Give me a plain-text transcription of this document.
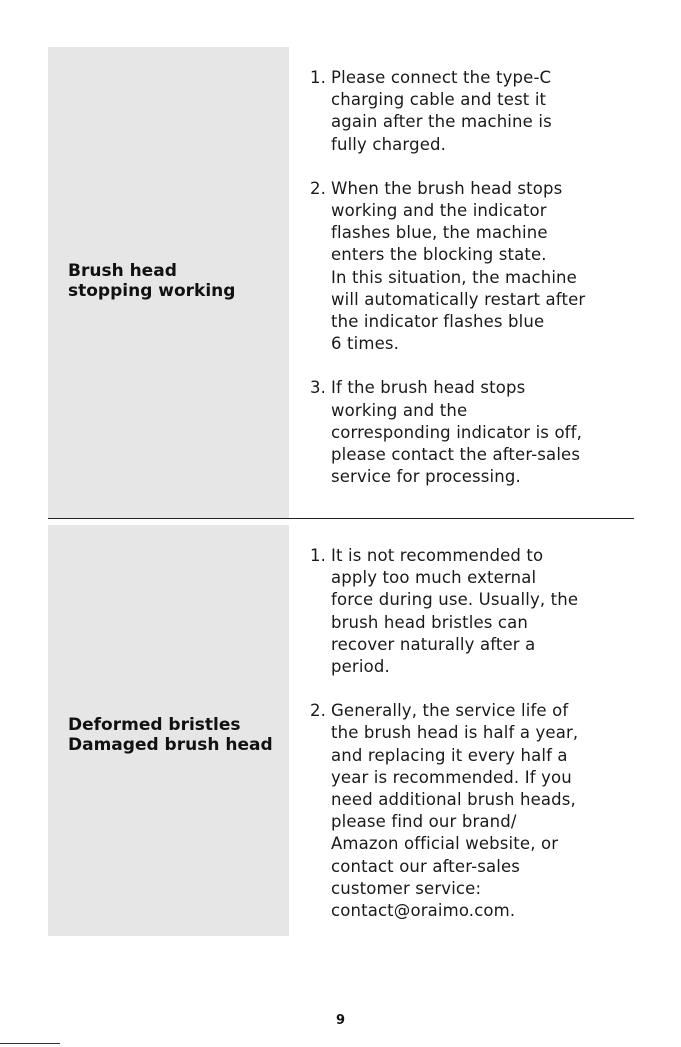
Brush head
stopping working
1. Please connect the type-C
charging cable and test it
again after the machine is
fully charged.
2. When the brush head stops
working and the indicator
flashes blue, the machine
enters the blocking state.
In this situation, the machine
will automatically restart after
the indicator flashes blue
6 times.
3. If the brush head stops
working and the
corresponding indicator is off,
please contact the after-sales
service for processing.
Deformed bristles
Damaged brush head
1. It is not recommended to
apply too much external
force during use. Usually, the
brush head bristles can
recover naturally after a
period.
2. Generally, the service life of
the brush head is half a year,
and replacing it every half a
year is recommended. If you
need additional brush heads,
please find our brand/
Amazon official website, or
contact our after-sales
customer service:
contact@oraimo.com.
9
